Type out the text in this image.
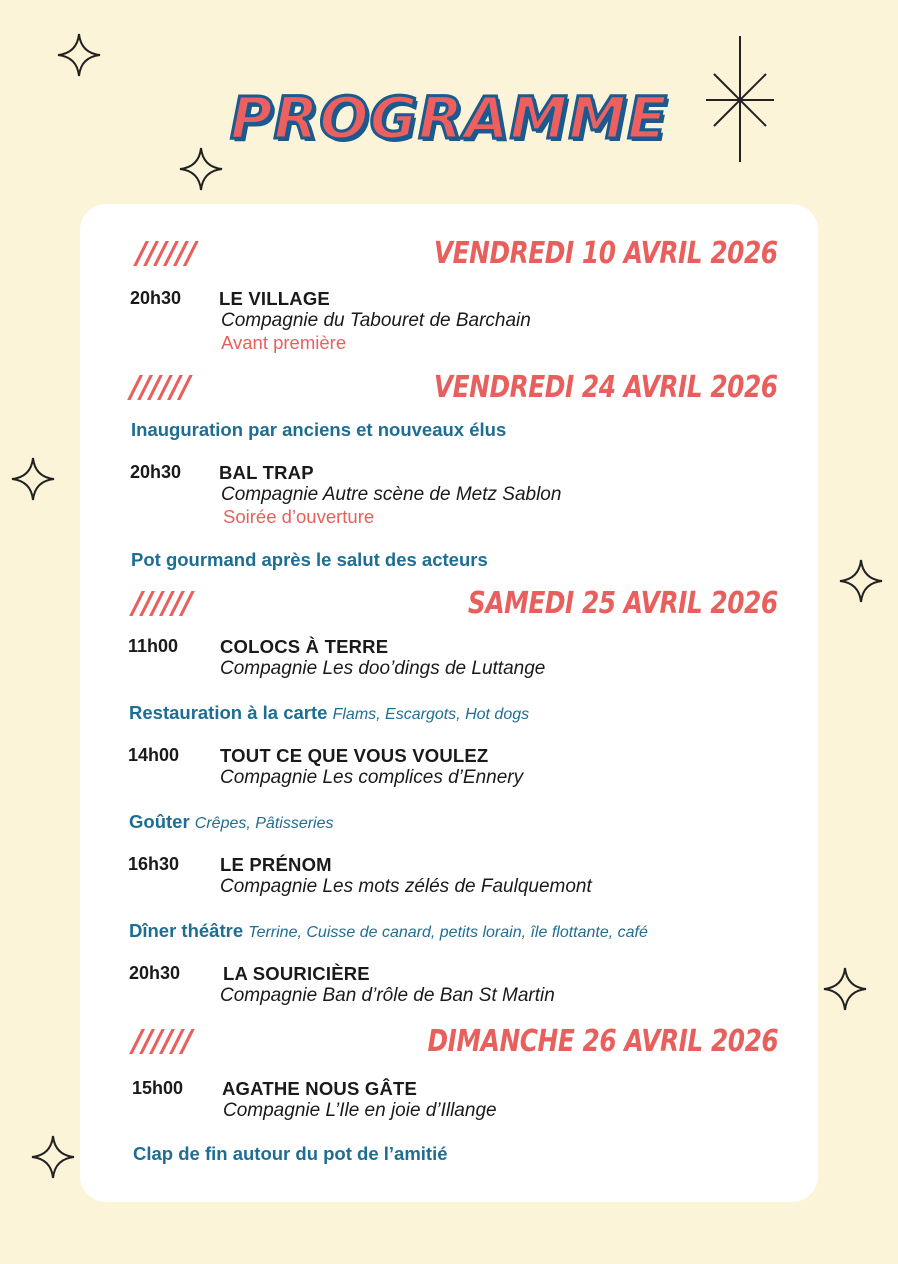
PROGRAMME
//////	VENDREDI 10 AVRIL 2026
20h30 LE VILLAGE
Compagnie du Tabouret de Barchain
Avant première
//////	VENDREDI 24 AVRIL 2026
Inauguration par anciens et nouveaux élus
20h30 BAL TRAP
Compagnie Autre scène de Metz Sablon
Soirée d’ouverture
Pot gourmand après le salut des acteurs
//////	SAMEDI 25 AVRIL 2026
11h00 COLOCS À TERRE
Compagnie Les doo’dings de Luttange
Restauration à la carte Flams, Escargots, Hot dogs
14h00 TOUT CE QUE VOUS VOULEZ
Compagnie Les complices d’Ennery
Goûter Crêpes, Pâtisseries
16h30 LE PRÉNOM
Compagnie Les mots zélés de Faulquemont
Dîner théâtre Terrine, Cuisse de canard, petits lorain, île flottante, café
20h30 LA SOURICIÈRE
Compagnie Ban d’rôle de Ban St Martin
//////	DIMANCHE 26 AVRIL 2026
15h00 AGATHE NOUS GÂTE
Compagnie L’Ile en joie d’Illange
Clap de fin autour du pot de l’amitié
